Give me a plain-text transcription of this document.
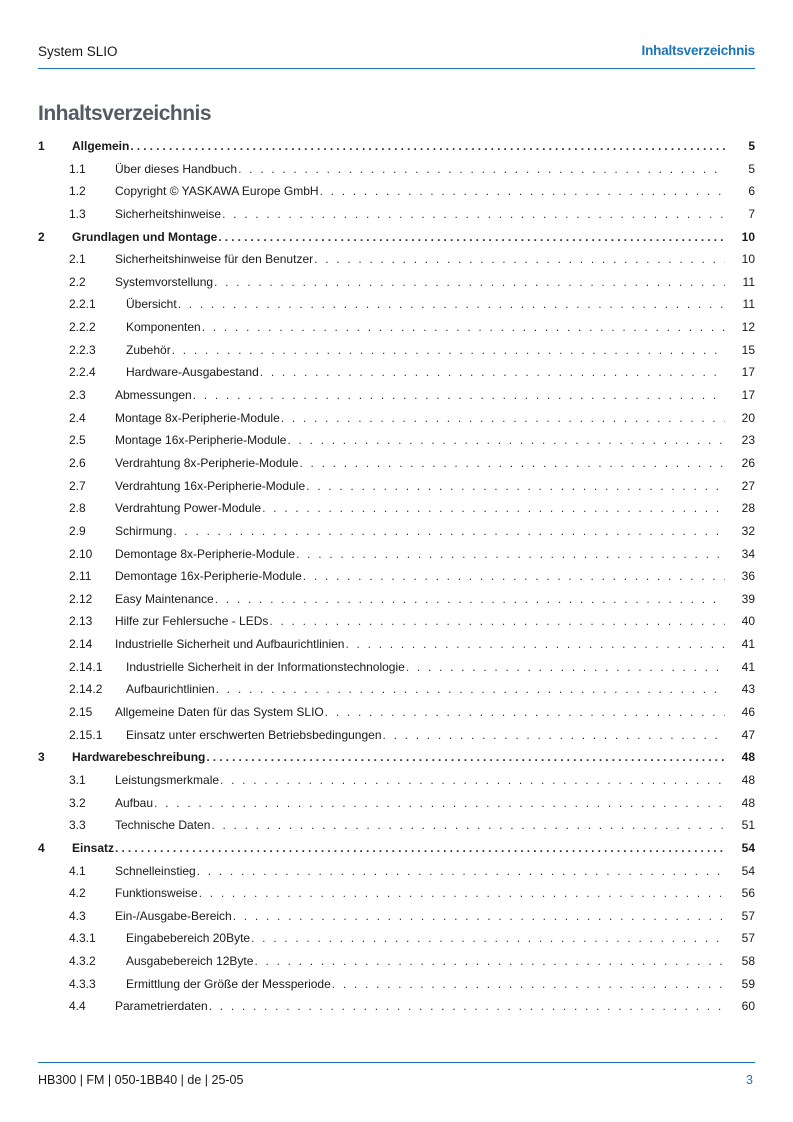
System SLIO	Inhaltsverzeichnis
Inhaltsverzeichnis
1 Allgemein .....	5
1.1 Über dieses Handbuch . . .	5
1.2 Copyright © YASKAWA Europe GmbH . . .	6
1.3 Sicherheitshinweise . . .	7
2 Grundlagen und Montage .....	10
2.1 Sicherheitshinweise für den Benutzer . . .	10
2.2 Systemvorstellung . . .	11
2.2.1	Übersicht . . .	11
2.2.2	Komponenten . . .	12
2.2.3	Zubehör . . .	15
2.2.4	Hardware-Ausgabestand . . .	17
2.3 Abmessungen . . .	17
2.4 Montage 8x-Peripherie-Module . . .	20
2.5 Montage 16x-Peripherie-Module . . .	23
2.6 Verdrahtung 8x-Peripherie-Module . . .	26
2.7 Verdrahtung 16x-Peripherie-Module . . .	27
2.8 Verdrahtung Power-Module . . .	28
2.9 Schirmung . . .	32
2.10 Demontage 8x-Peripherie-Module . . .	34
2.11 Demontage 16x-Peripherie-Module . . .	36
2.12 Easy Maintenance . . .	39
2.13 Hilfe zur Fehlersuche - LEDs . . .	40
2.14 Industrielle Sicherheit und Aufbaurichtlinien . . .	41
2.14.1 Industrielle Sicherheit in der Informationstechnologie . . .	41
2.14.2 Aufbaurichtlinien . . .	43
2.15 Allgemeine Daten für das System SLIO . . .	46
2.15.1 Einsatz unter erschwerten Betriebsbedingungen . . .	47
3 Hardwarebeschreibung .....	48
3.1 Leistungsmerkmale . . .	48
3.2 Aufbau . . .	48
3.3 Technische Daten . . .	51
4 Einsatz .....	54
4.1 Schnelleinstieg . . .	54
4.2 Funktionsweise . . .	56
4.3 Ein-/Ausgabe-Bereich . . .	57
4.3.1	Eingabebereich 20Byte . . .	57
4.3.2	Ausgabebereich 12Byte . . .	58
4.3.3	Ermittlung der Größe der Messperiode . . .	59
4.4 Parametrierdaten . . .	60
HB300 | FM | 050-1BB40 | de | 25-05	3
